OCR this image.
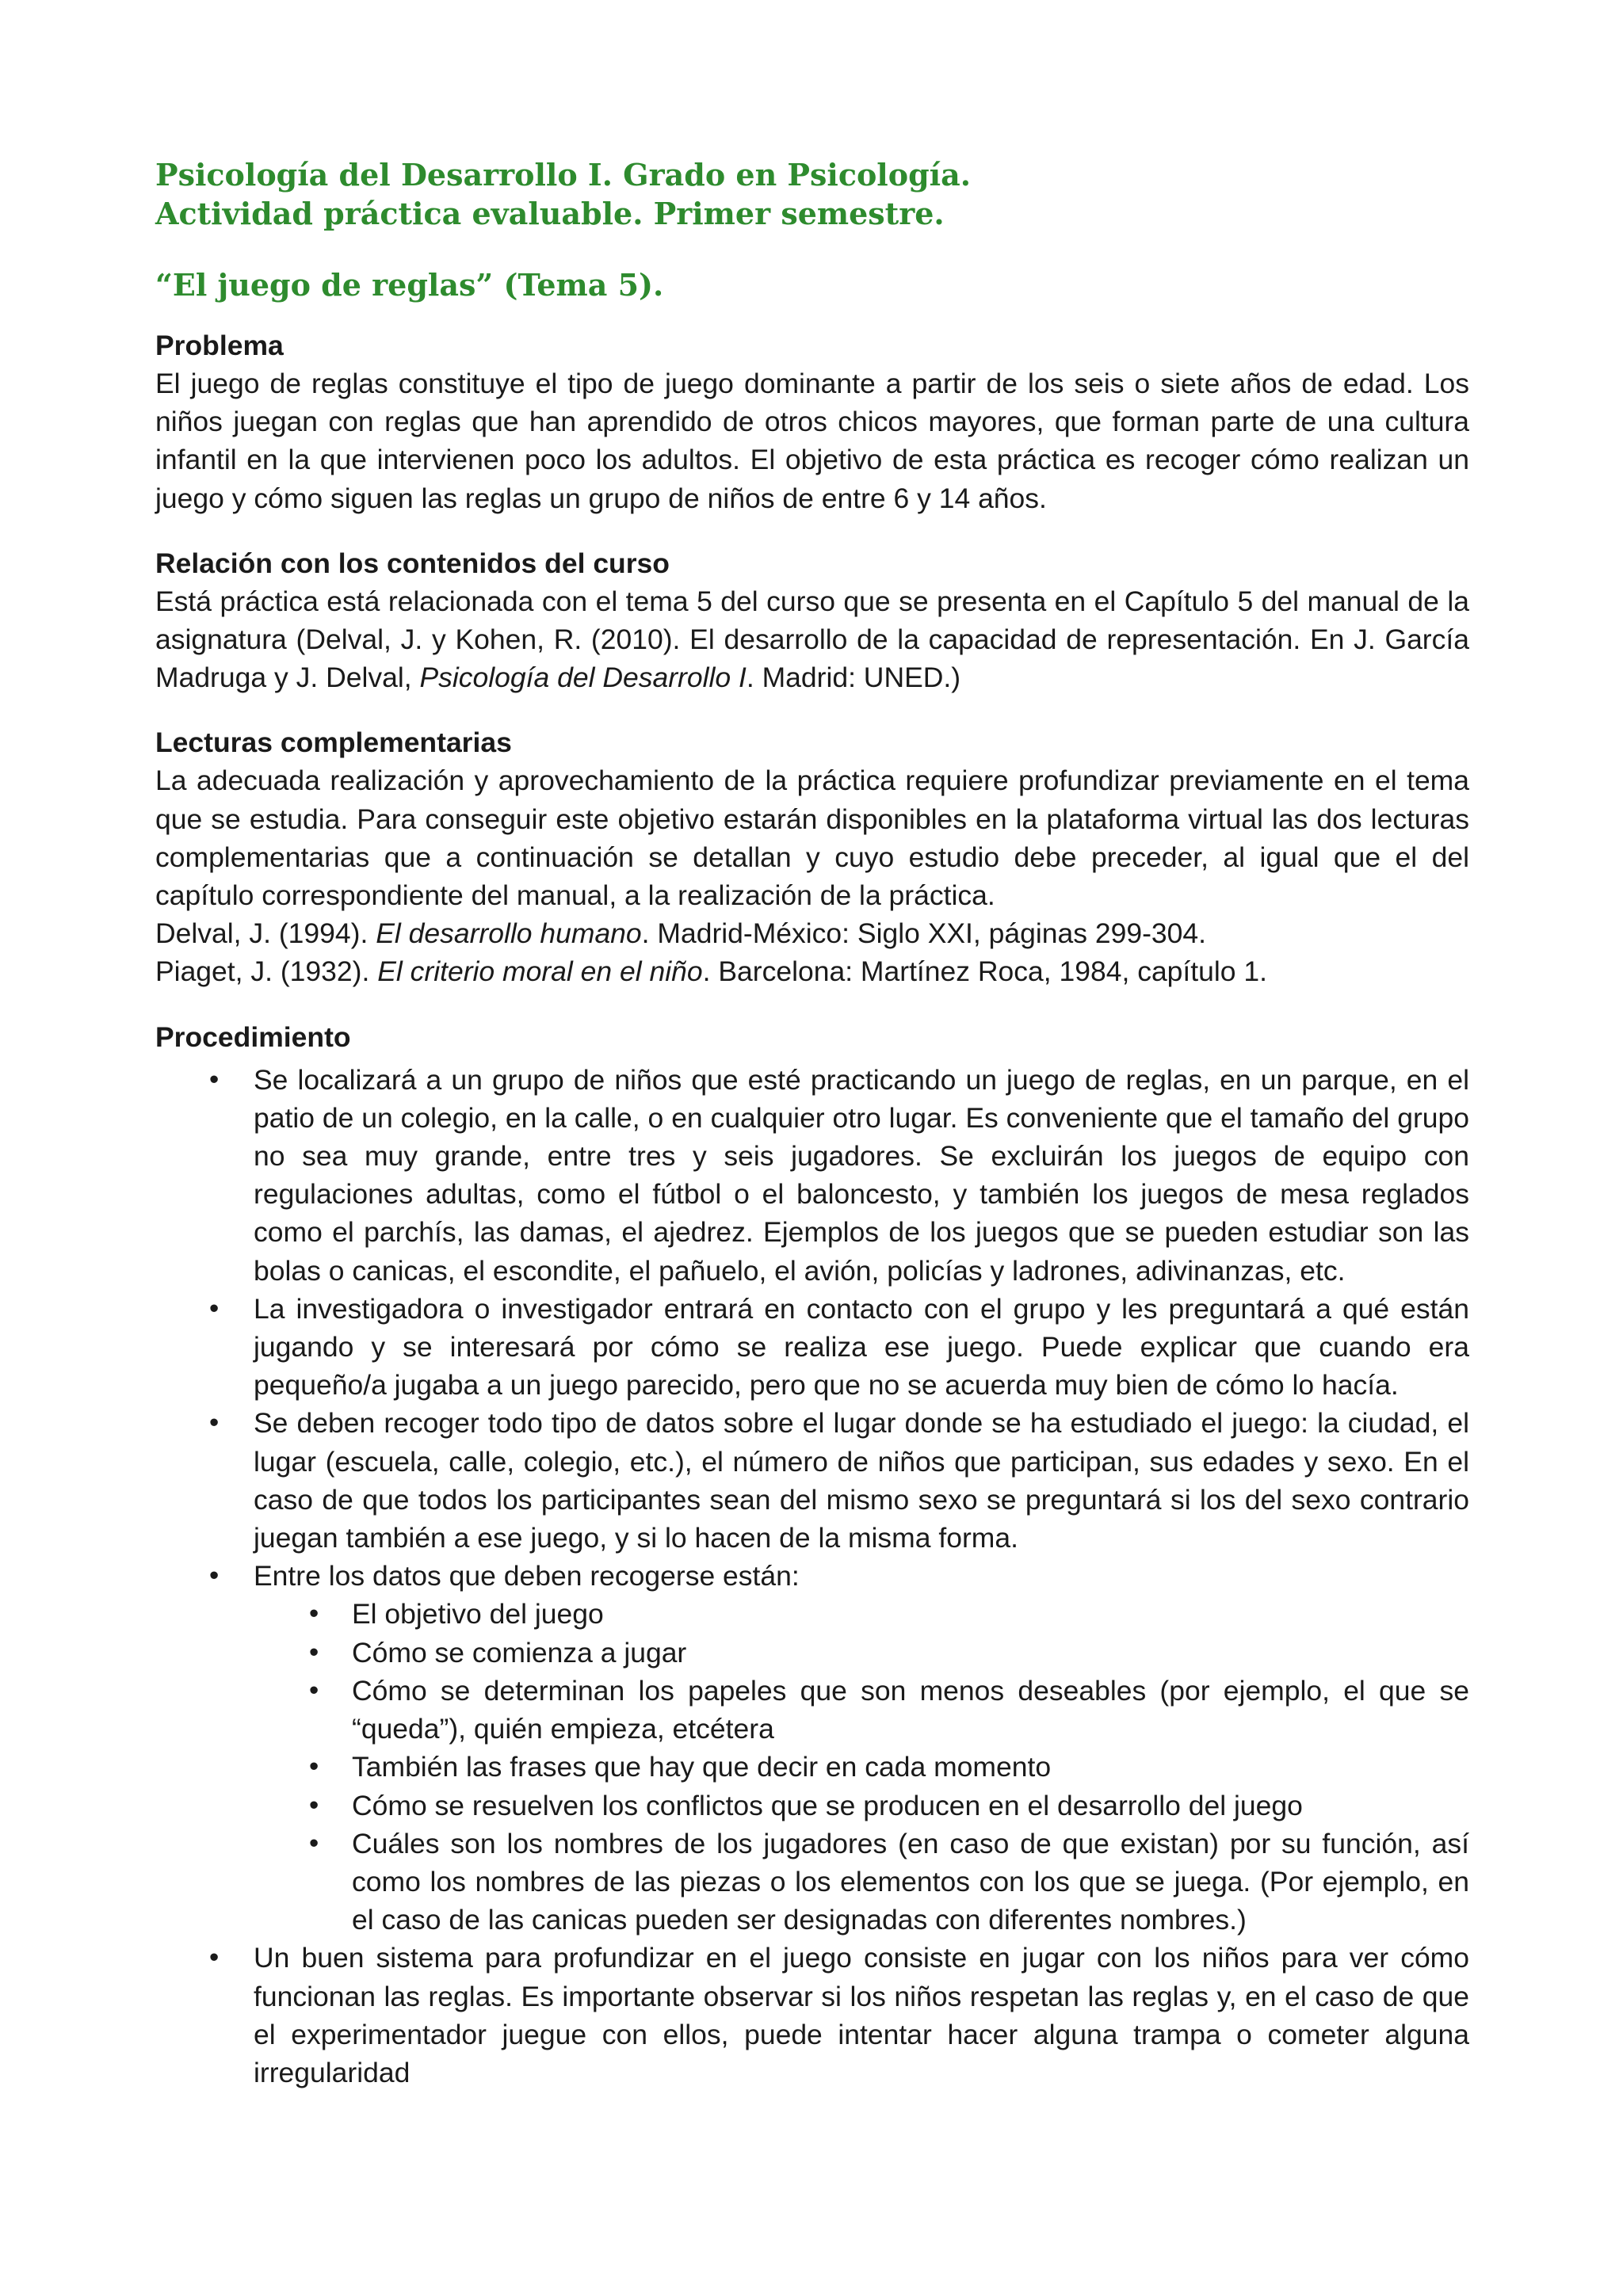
Psicología del Desarrollo I. Grado en Psicología.

Actividad práctica evaluable. Primer semestre.

“El juego de reglas” (Tema 5).

Problema

El juego de reglas constituye el tipo de juego dominante a partir de los seis o siete años de edad. Los niños juegan con reglas que han aprendido de otros chicos mayores, que forman parte de una cultura infantil en la que intervienen poco los adultos. El objetivo de esta práctica es recoger cómo realizan un juego y cómo siguen las reglas un grupo de niños de entre 6 y 14 años.

Relación con los contenidos del curso

Está práctica está relacionada con el tema 5 del curso que se presenta en el Capítulo 5 del manual de la asignatura (Delval, J. y Kohen, R. (2010). El desarrollo de la capacidad de representación. En J. García Madruga y J. Delval, Psicología del Desarrollo I. Madrid: UNED.)

Lecturas complementarias

La adecuada realización y aprovechamiento de la práctica requiere profundizar previamente en el tema que se estudia. Para conseguir este objetivo estarán disponibles en la plataforma virtual las dos lecturas complementarias que a continuación se detallan y cuyo estudio debe preceder, al igual que el del capítulo correspondiente del manual, a la realización de la práctica.

Delval, J. (1994). El desarrollo humano. Madrid-México: Siglo XXI, páginas 299-304.

Piaget, J. (1932). El criterio moral en el niño. Barcelona: Martínez Roca, 1984, capítulo 1.

Procedimiento
• Se localizará a un grupo de niños que esté practicando un juego de reglas, en un parque, en el patio de un colegio, en la calle, o en cualquier otro lugar. Es conveniente que el tamaño del grupo no sea muy grande, entre tres y seis jugadores. Se excluirán los juegos de equipo con regulaciones adultas, como el fútbol o el baloncesto, y también los juegos de mesa reglados como el parchís, las damas, el ajedrez. Ejemplos de los juegos que se pueden estudiar son las bolas o canicas, el escondite, el pañuelo, el avión, policías y ladrones, adivinanzas, etc.
• La investigadora o investigador entrará en contacto con el grupo y les preguntará a qué están jugando y se interesará por cómo se realiza ese juego. Puede explicar que cuando era pequeño/a jugaba a un juego parecido, pero que no se acuerda muy bien de cómo lo hacía.
• Se deben recoger todo tipo de datos sobre el lugar donde se ha estudiado el juego: la ciudad, el lugar (escuela, calle, colegio, etc.), el número de niños que participan, sus edades y sexo. En el caso de que todos los participantes sean del mismo sexo se preguntará si los del sexo contrario juegan también a ese juego, y si lo hacen de la misma forma.
• Entre los datos que deben recogerse están:
• El objetivo del juego
• Cómo se comienza a jugar
• Cómo se determinan los papeles que son menos deseables (por ejemplo, el que se “queda”), quién empieza, etcétera
• También las frases que hay que decir en cada momento
• Cómo se resuelven los conflictos que se producen en el desarrollo del juego
• Cuáles son los nombres de los jugadores (en caso de que existan) por su función, así como los nombres de las piezas o los elementos con los que se juega. (Por ejemplo, en el caso de las canicas pueden ser designadas con diferentes nombres.)
• Un buen sistema para profundizar en el juego consiste en jugar con los niños para ver cómo funcionan las reglas. Es importante observar si los niños respetan las reglas y, en el caso de que el experimentador juegue con ellos, puede intentar hacer alguna trampa o cometer alguna irregularidad
